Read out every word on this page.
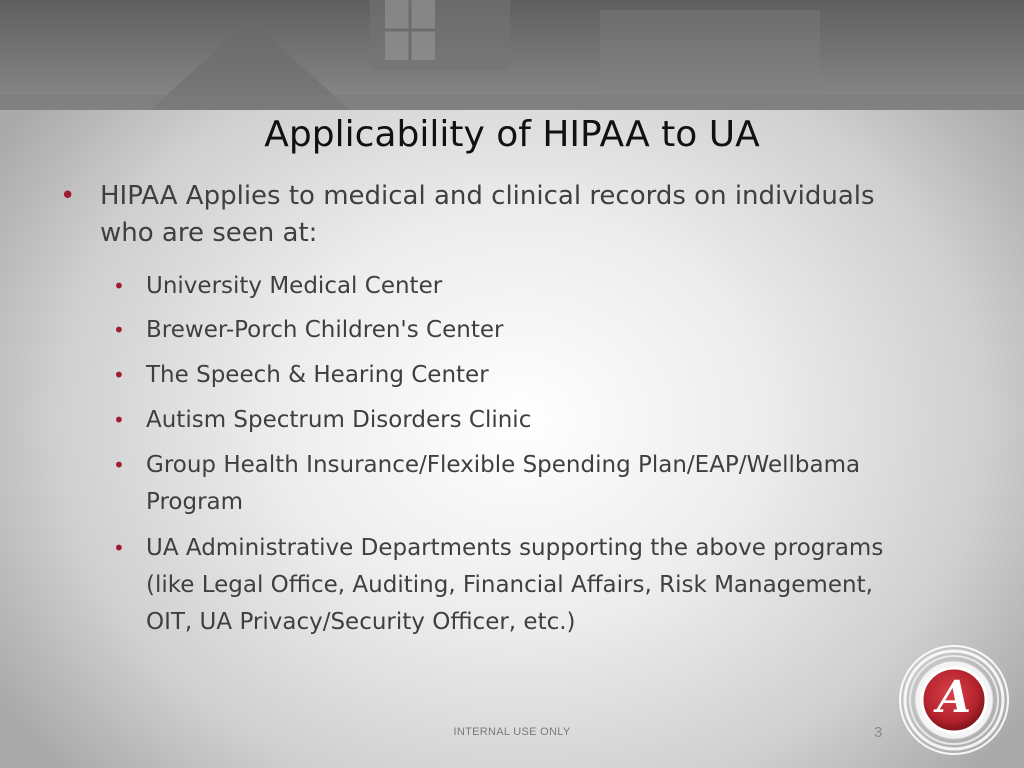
Applicability of HIPAA to UA
• HIPAA Applies to medical and clinical records on individuals
who are seen at:
• University Medical Center
• Brewer-Porch Children's Center
• The Speech & Hearing Center
• Autism Spectrum Disorders Clinic
• Group Health Insurance/Flexible Spending Plan/EAP/Wellbama
Program
• UA Administrative Departments supporting the above programs
(like Legal Office, Auditing, Financial Affairs, Risk Management,
OIT, UA Privacy/Security Officer, etc.)
INTERNAL USE ONLY	3
A
